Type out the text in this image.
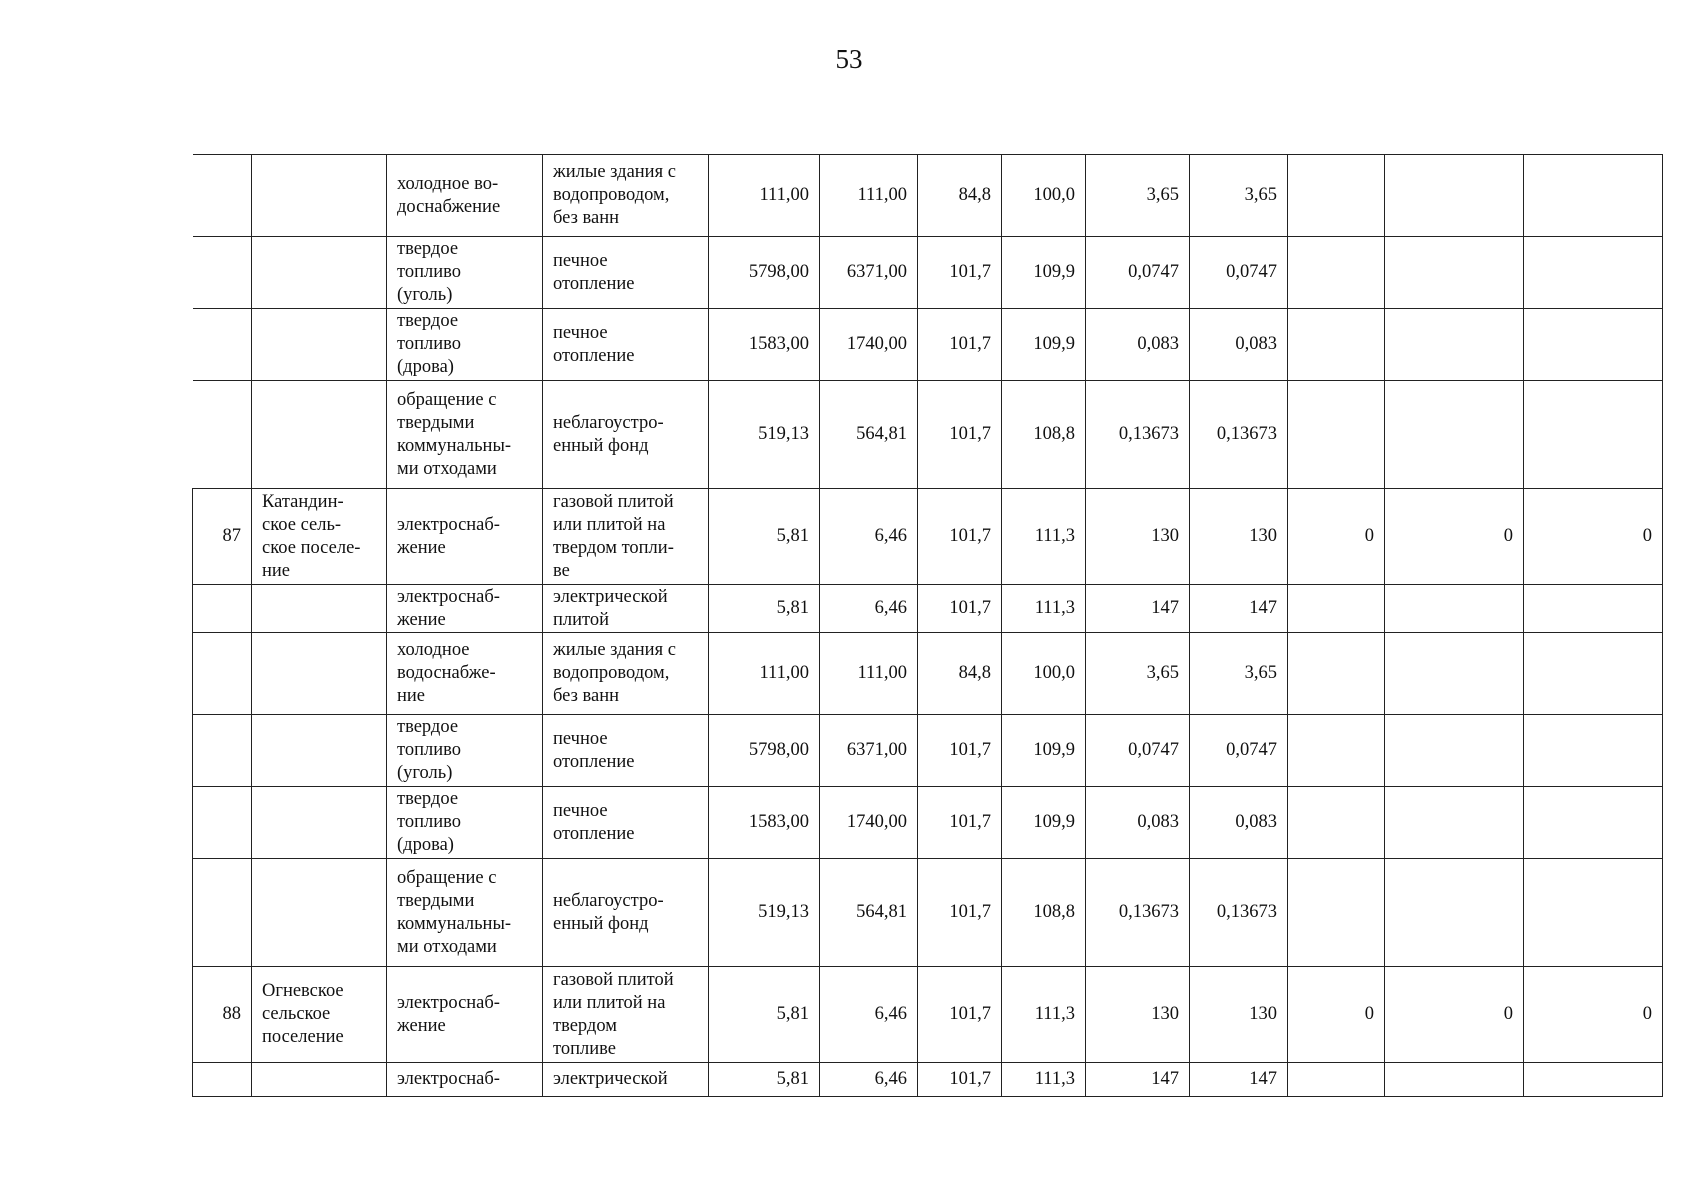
53

		холодное во-
доснабжение	жилые здания с
водопроводом,
без ванн	111,00	111,00	84,8	100,0	3,65	3,65			

		твердое
топливо
(уголь)	печное
отопление	5798,00	6371,00	101,7	109,9	0,0747	0,0747			

		твердое
топливо
(дрова)	печное
отопление	1583,00	1740,00	101,7	109,9	0,083	0,083			

		обращение с
твердыми
коммунальны-
ми отходами	неблагоустро-
енный фонд	519,13	564,81	101,7	108,8	0,13673	0,13673			

87	Катандин-
ское сель-
ское поселе-
ние	электроснаб-
жение	газовой плитой
или плитой на
твердом топли-
ве	5,81	6,46	101,7	111,3	130	130	0	0	0

		электроснаб-
жение	электрической
плитой	5,81	6,46	101,7	111,3	147	147			

		холодное
водоснабже-
ние	жилые здания с
водопроводом,
без ванн	111,00	111,00	84,8	100,0	3,65	3,65			

		твердое
топливо
(уголь)	печное
отопление	5798,00	6371,00	101,7	109,9	0,0747	0,0747			

		твердое
топливо
(дрова)	печное
отопление	1583,00	1740,00	101,7	109,9	0,083	0,083			

		обращение с
твердыми
коммунальны-
ми отходами	неблагоустро-
енный фонд	519,13	564,81	101,7	108,8	0,13673	0,13673			

88	Огневское
сельское
поселение	электроснаб-
жение	газовой плитой
или плитой на
твердом
топливе	5,81	6,46	101,7	111,3	130	130	0	0	0

		электроснаб-	электрической	5,81	6,46	101,7	111,3	147	147			
